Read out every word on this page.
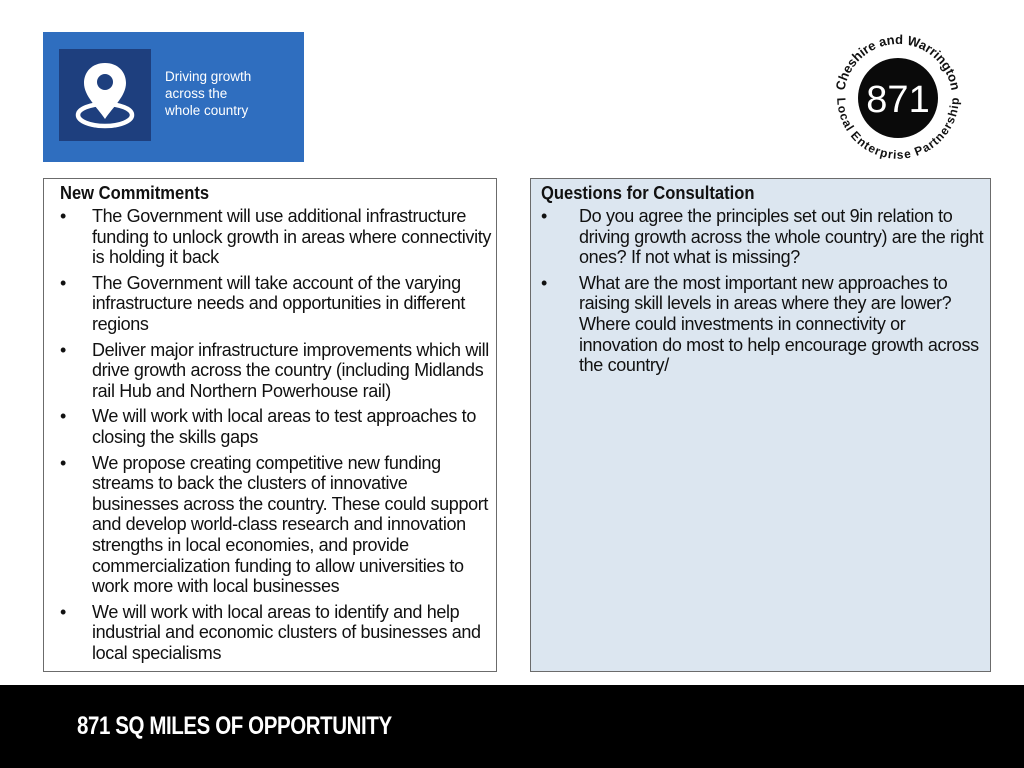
Driving growth
across the
whole country	871
Cheshire and Warrington
Local Enterprise Partnership
New Commitments
•	The Government will use additional infrastructure funding to unlock growth in areas where connectivity is holding it back
•	The Government will take account of the varying infrastructure needs and opportunities in different regions
•	Deliver major infrastructure improvements which will drive growth across the country (including Midlands rail Hub and Northern Powerhouse rail)
•	We will work with local areas to test approaches to closing the skills gaps
•	We propose creating competitive new funding streams to back the clusters of innovative businesses across the country. These could support and develop world-class research and innovation strengths in local economies, and provide commercialization funding to allow universities to work more with local businesses
•	We will work with local areas to identify and help industrial and economic clusters of businesses and local specialisms
Questions for Consultation
•	Do you agree the principles set out 9in relation to driving growth across the whole country) are the right ones? If not what is missing?
•	What are the most important new approaches to raising skill levels in areas where they are lower? Where could investments in connectivity or innovation do most to help encourage growth across the country/
871 SQ MILES OF OPPORTUNITY
